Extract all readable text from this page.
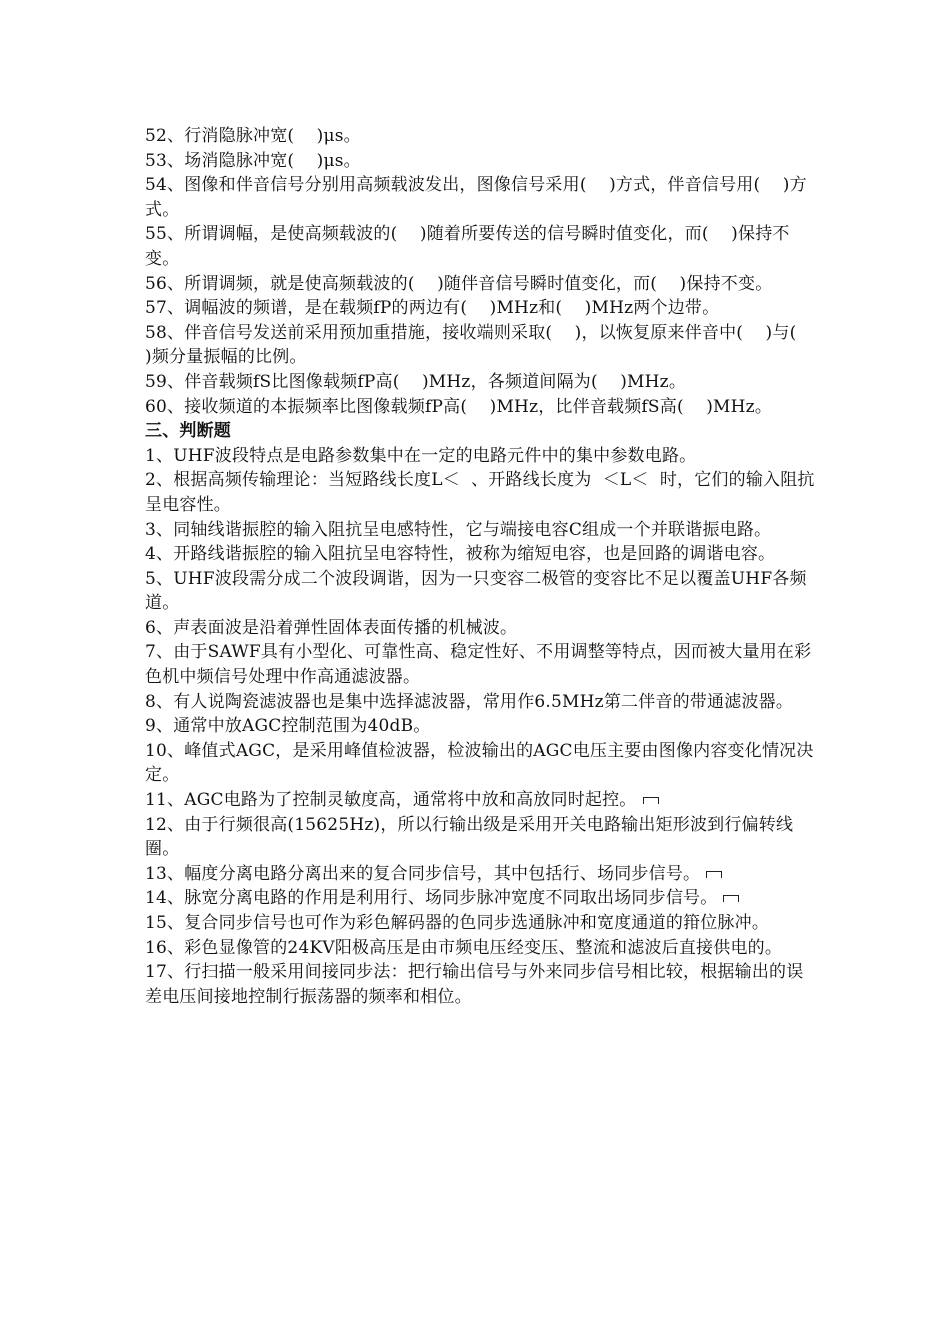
52、行消隐脉冲宽(    )μs。

53、场消隐脉冲宽(    )μs。

54、图像和伴音信号分别用高频载波发出，图像信号采用(    )方式，伴音信号用(    )方式。

55、所谓调幅，是使高频载波的(    )随着所要传送的信号瞬时值变化，而(    )保持不变。

56、所谓调频，就是使高频载波的(    )随伴音信号瞬时值变化，而(    )保持不变。

57、调幅波的频谱，是在载频fP的两边有(    )MHz和(    )MHz两个边带。

58、伴音信号发送前采用预加重措施，接收端则采取(    )，以恢复原来伴音中(    )与(    )频分量振幅的比例。

59、伴音载频fS比图像载频fP高(    )MHz，各频道间隔为(    )MHz。

60、接收频道的本振频率比图像载频fP高(    )MHz，比伴音载频fS高(    )MHz。

三、判断题

1、UHF波段特点是电路参数集中在一定的电路元件中的集中参数电路。

2、根据高频传输理论：当短路线长度L＜  、开路线长度为  ＜L＜  时，它们的输入阻抗呈电容性。

3、同轴线谐振腔的输入阻抗呈电感特性，它与端接电容C组成一个并联谐振电路。

4、开路线谐振腔的输入阻抗呈电容特性，被称为缩短电容，也是回路的调谐电容。

5、UHF波段需分成二个波段调谐，因为一只变容二极管的变容比不足以覆盖UHF各频道。

6、声表面波是沿着弹性固体表面传播的机械波。

7、由于SAWF具有小型化、可靠性高、稳定性好、不用调整等特点，因而被大量用在彩色机中频信号处理中作高通滤波器。

8、有人说陶瓷滤波器也是集中选择滤波器，常用作6.5MHz第二伴音的带通滤波器。

9、通常中放AGC控制范围为40dB。

10、峰值式AGC，是采用峰值检波器，检波输出的AGC电压主要由图像内容变化情况决定。

11、AGC电路为了控制灵敏度高，通常将中放和高放同时起控。

12、由于行频很高(15625Hz)，所以行输出级是采用开关电路输出矩形波到行偏转线圈。

13、幅度分离电路分离出来的复合同步信号，其中包括行、场同步信号。

14、脉宽分离电路的作用是利用行、场同步脉冲宽度不同取出场同步信号。

15、复合同步信号也可作为彩色解码器的色同步选通脉冲和宽度通道的箝位脉冲。

16、彩色显像管的24KV阳极高压是由市频电压经变压、整流和滤波后直接供电的。

17、行扫描一般采用间接同步法：把行输出信号与外来同步信号相比较，根据输出的误差电压间接地控制行振荡器的频率和相位。
